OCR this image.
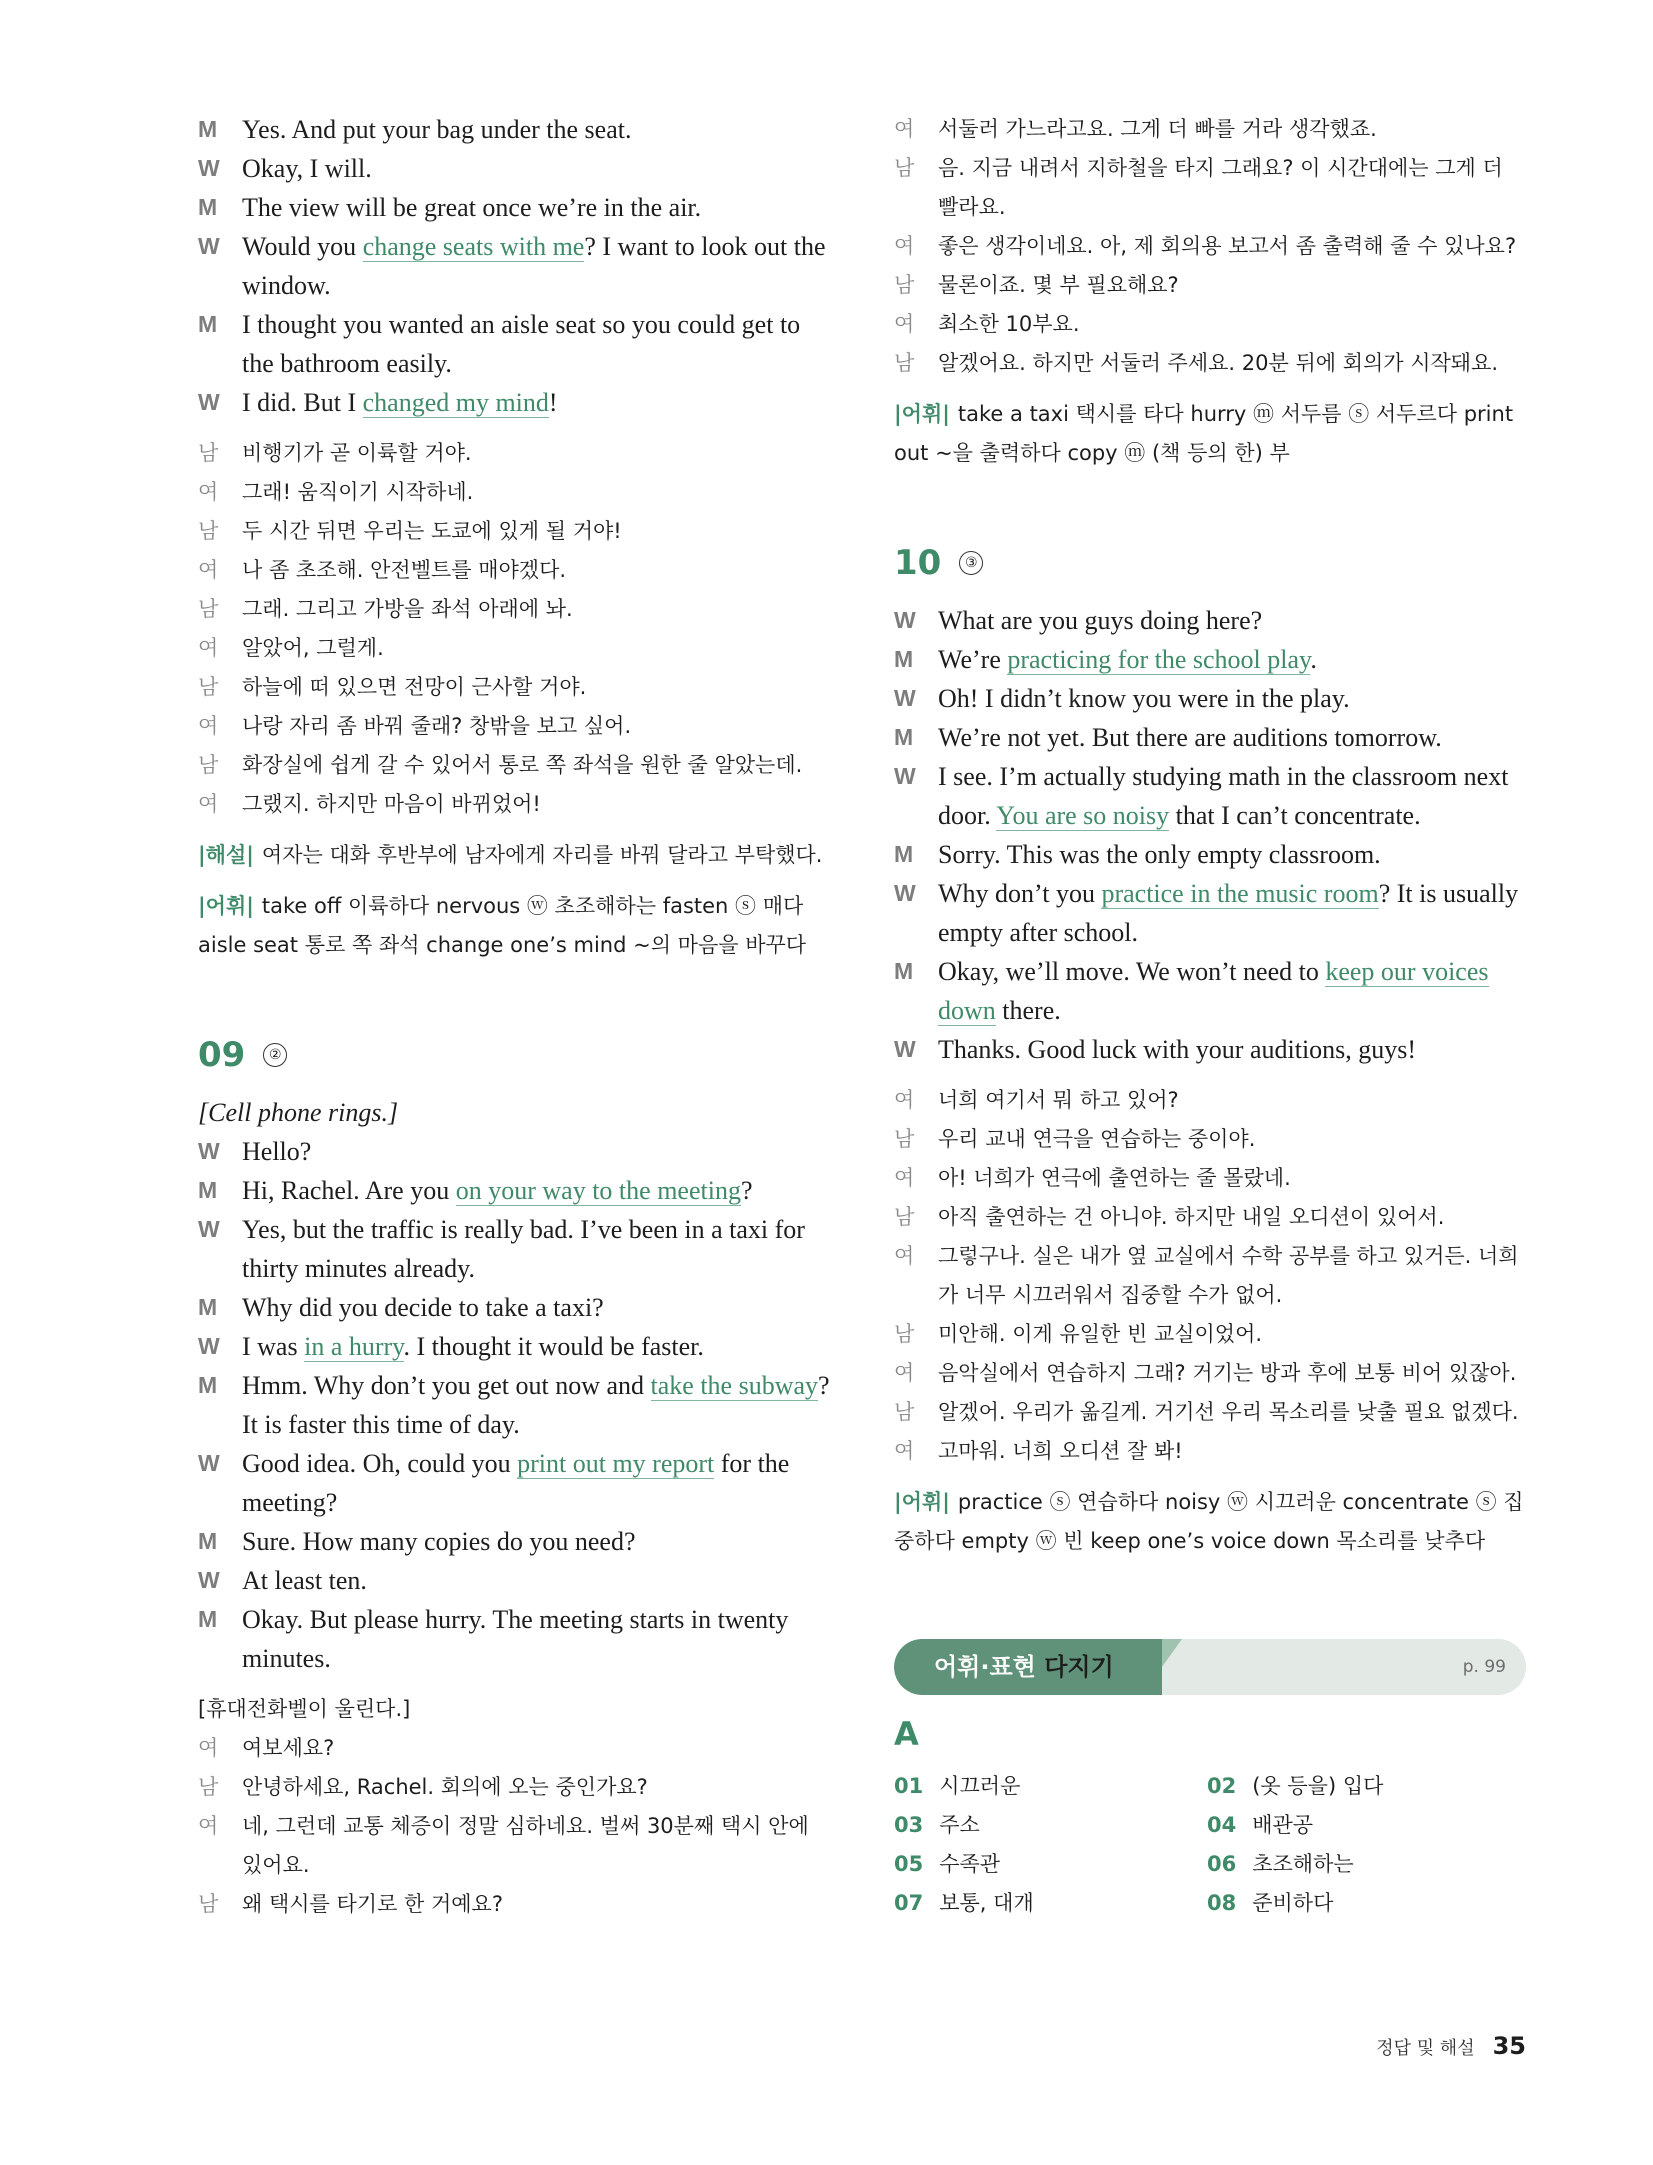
M Yes. And put your bag under the seat.
W Okay, I will.
M The view will be great once we’re in the air.
W Would you change seats with me? I want to look out the window.
M I thought you wanted an aisle seat so you could get to the bathroom easily.
W I did. But I changed my mind!
남 비행기가 곧 이륙할 거야.
여 그래! 움직이기 시작하네.
남 두 시간 뒤면 우리는 도쿄에 있게 될 거야!
여 나 좀 초조해. 안전벨트를 매야겠다.
남 그래. 그리고 가방을 좌석 아래에 놔.
여 알았어, 그럴게.
남 하늘에 떠 있으면 전망이 근사할 거야.
여 나랑 자리 좀 바꿔 줄래? 창밖을 보고 싶어.
남 화장실에 쉽게 갈 수 있어서 통로 쪽 좌석을 원한 줄 알았는데.
여 그랬지. 하지만 마음이 바뀌었어!
|해설| 여자는 대화 후반부에 남자에게 자리를 바꿔 달라고 부탁했다.
|어휘| take off 이륙하다 nervous ⓦ 초조해하는 fasten ⓢ 매다 aisle seat 통로 쪽 좌석 change one’s mind ~의 마음을 바꾸다
09 ②
[Cell phone rings.]
W Hello?
M Hi, Rachel. Are you on your way to the meeting?
W Yes, but the traffic is really bad. I’ve been in a taxi for thirty minutes already.
M Why did you decide to take a taxi?
W I was in a hurry. I thought it would be faster.
M Hmm. Why don’t you get out now and take the subway? It is faster this time of day.
W Good idea. Oh, could you print out my report for the meeting?
M Sure. How many copies do you need?
W At least ten.
M Okay. But please hurry. The meeting starts in twenty minutes.
[휴대전화벨이 울린다.]
여 여보세요?
남 안녕하세요, Rachel. 회의에 오는 중인가요?
여 네, 그런데 교통 체증이 정말 심하네요. 벌써 30분째 택시 안에 있어요.
남 왜 택시를 타기로 한 거예요?
여 서둘러 가느라고요. 그게 더 빠를 거라 생각했죠.
남 음. 지금 내려서 지하철을 타지 그래요? 이 시간대에는 그게 더 빨라요.
여 좋은 생각이네요. 아, 제 회의용 보고서 좀 출력해 줄 수 있나요?
남 물론이죠. 몇 부 필요해요?
여 최소한 10부요.
남 알겠어요. 하지만 서둘러 주세요. 20분 뒤에 회의가 시작돼요.
|어휘| take a taxi 택시를 타다 hurry ⓜ 서두름 ⓢ 서두르다 print out ~을 출력하다 copy ⓜ (책 등의 한) 부
10 ③
W What are you guys doing here?
M We’re practicing for the school play.
W Oh! I didn’t know you were in the play.
M We’re not yet. But there are auditions tomorrow.
W I see. I’m actually studying math in the classroom next door. You are so noisy that I can’t concentrate.
M Sorry. This was the only empty classroom.
W Why don’t you practice in the music room? It is usually empty after school.
M Okay, we’ll move. We won’t need to keep our voices down there.
W Thanks. Good luck with your auditions, guys!
여 너희 여기서 뭐 하고 있어?
남 우리 교내 연극을 연습하는 중이야.
여 아! 너희가 연극에 출연하는 줄 몰랐네.
남 아직 출연하는 건 아니야. 하지만 내일 오디션이 있어서.
여 그렇구나. 실은 내가 옆 교실에서 수학 공부를 하고 있거든. 너희가 너무 시끄러워서 집중할 수가 없어.
남 미안해. 이게 유일한 빈 교실이었어.
여 음악실에서 연습하지 그래? 거기는 방과 후에 보통 비어 있잖아.
남 알겠어. 우리가 옮길게. 거기선 우리 목소리를 낮출 필요 없겠다.
여 고마워. 너희 오디션 잘 봐!
|어휘| practice ⓢ 연습하다 noisy ⓦ 시끄러운 concentrate ⓢ 집중하다 empty ⓦ 빈 keep one’s voice down 목소리를 낮추다
어휘·표현 다지기	p. 99
A
01 시끄러운	02 (옷 등을) 입다
03 주소	04 배관공
05 수족관	06 초조해하는
07 보통, 대개	08 준비하다
정답 및 해설 35
